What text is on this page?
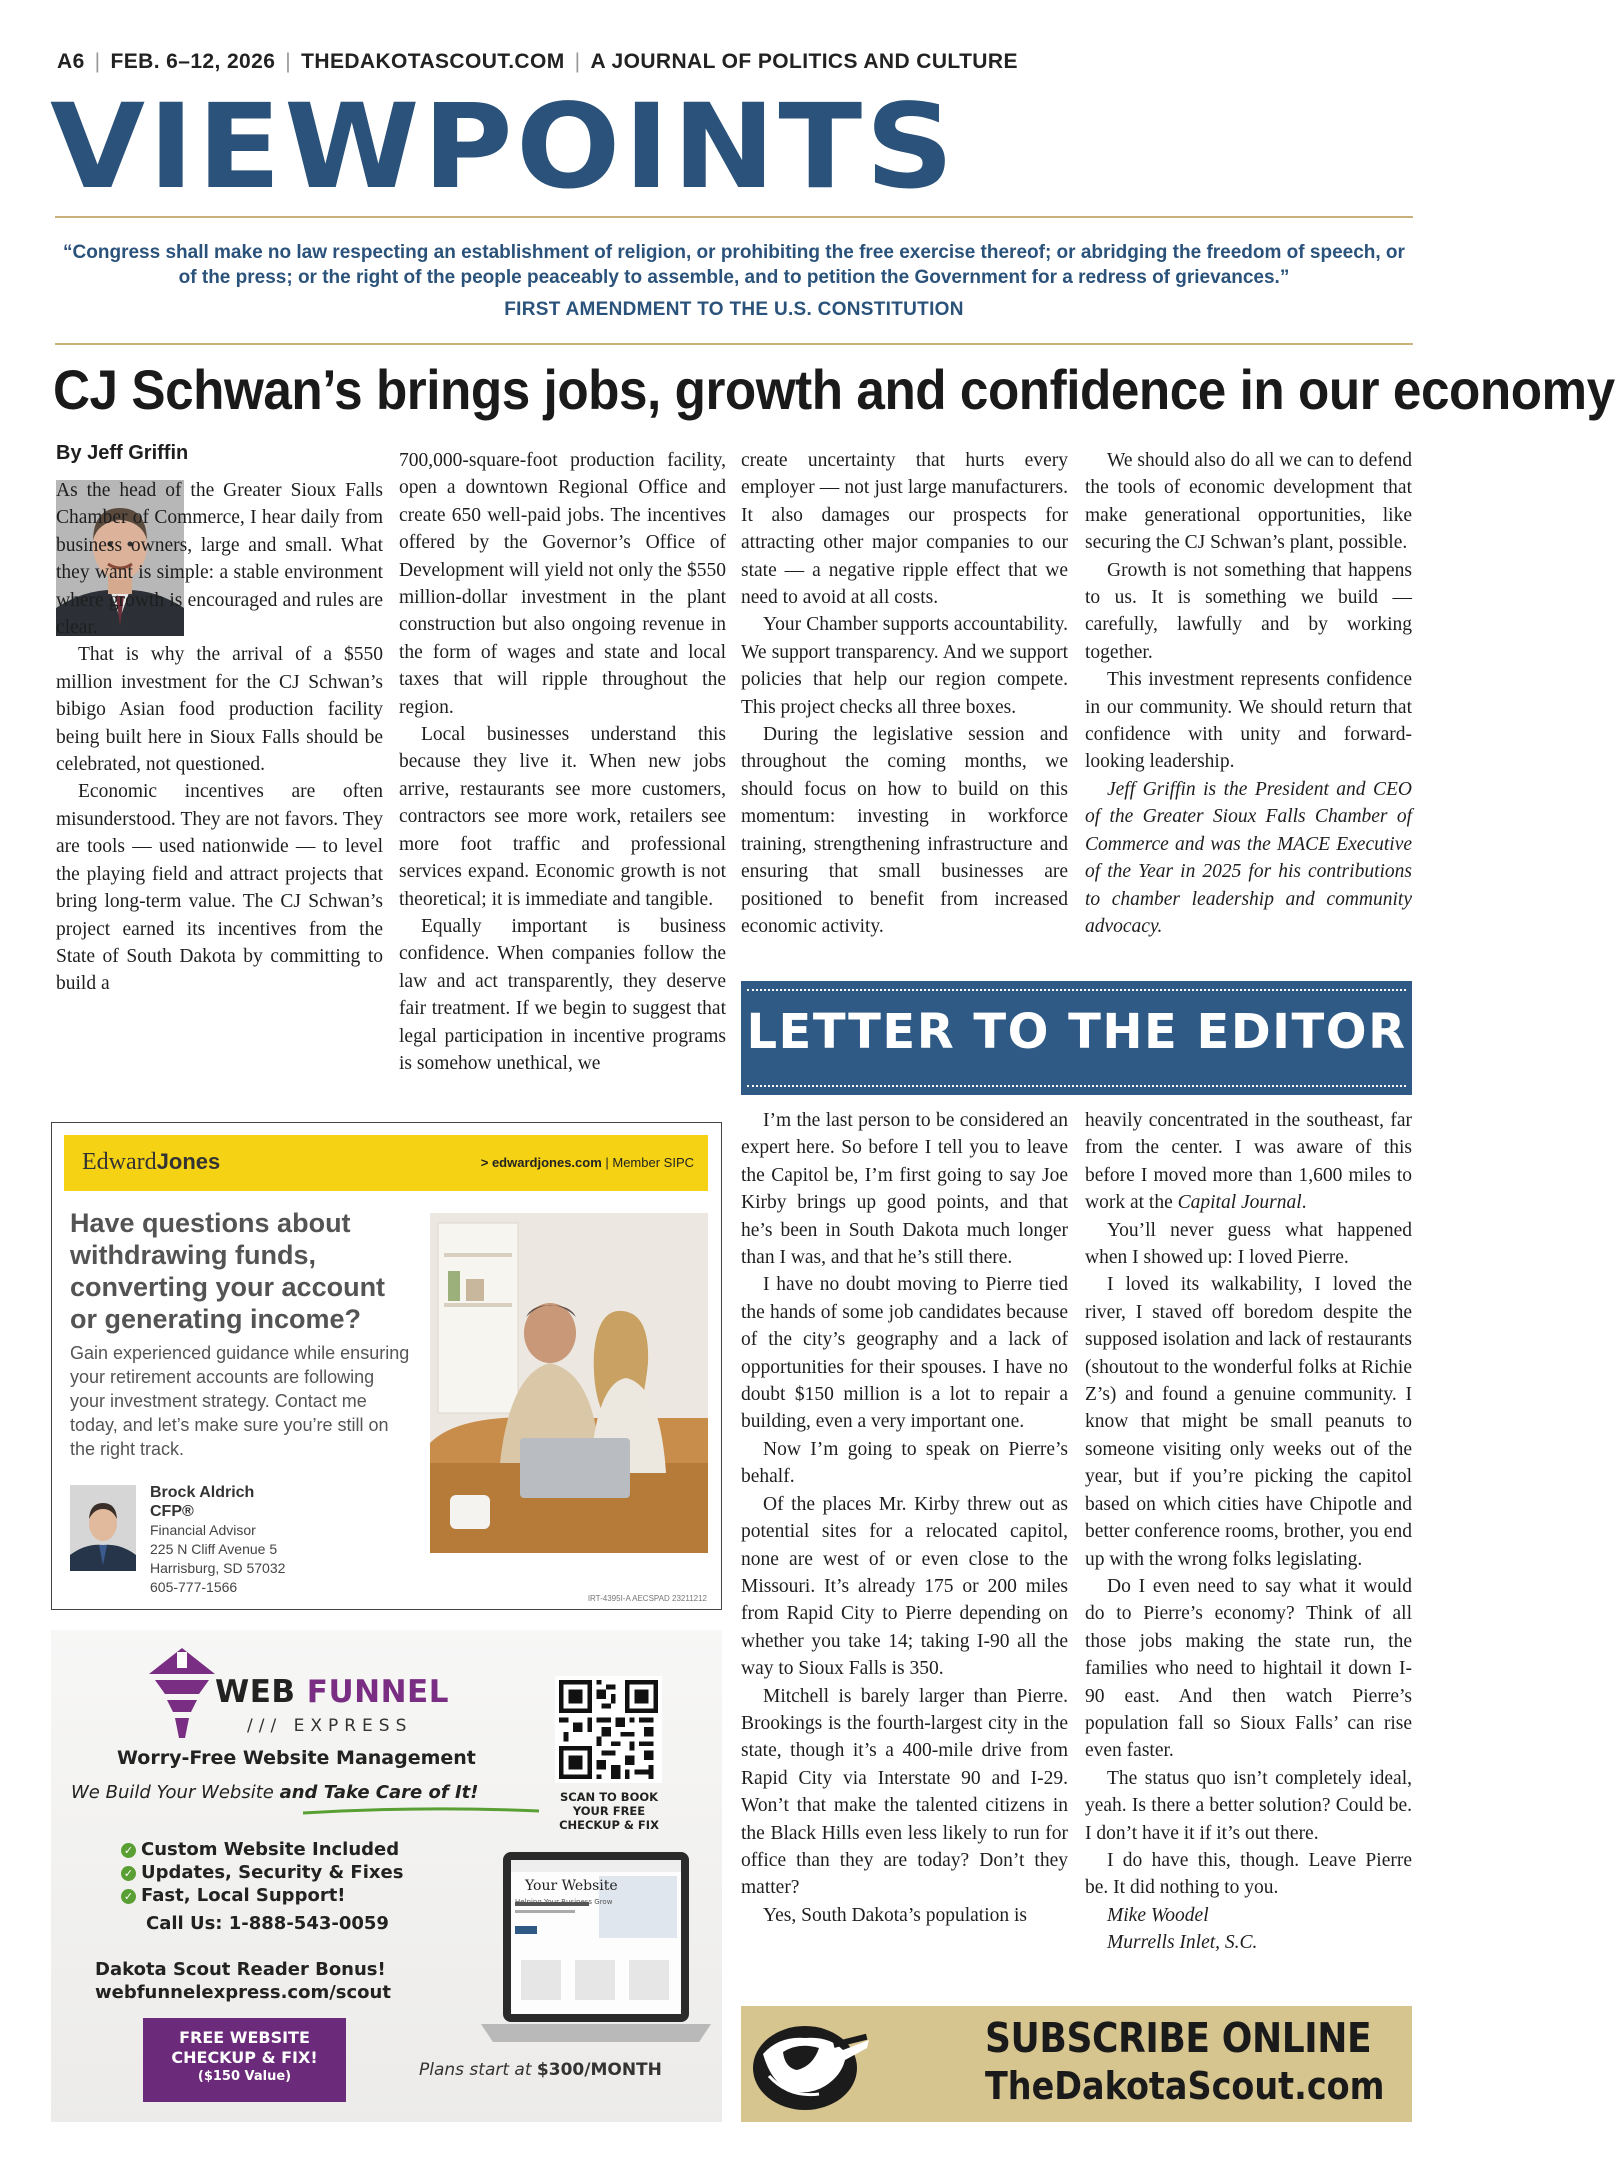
A6 | FEB. 6–12, 2026 | THEDAKOTASCOUT.COM | A JOURNAL OF POLITICS AND CULTURE
VIEWPOINTS
“Congress shall make no law respecting an establishment of religion, or prohibiting the free exercise thereof; or abridging the freedom of speech, or of the press; or the right of the people peaceably to assemble, and to petition the Government for a redress of grievances.”
FIRST AMENDMENT TO THE U.S. CONSTITUTION
CJ Schwan’s brings jobs, growth and confidence in our economy
By Jeff Griffin

As the head of the Greater Sioux Falls Chamber of Commerce, I hear daily from business owners, large and small. What they want is simple: a stable environment where growth is encouraged and rules are clear.

That is why the arrival of a $550 million investment for the CJ Schwan’s bibigo Asian food production facility being built here in Sioux Falls should be celebrated, not questioned.

Economic incentives are often misunderstood. They are not favors. They are tools — used nationwide — to level the playing field and attract projects that bring long-term value. The CJ Schwan’s project earned its incentives from the State of South Dakota by committing to build a

700,000-square-foot production facility, open a downtown Regional Office and create 650 well-paid jobs. The incentives offered by the Governor’s Office of Development will yield not only the $550 million-dollar investment in the plant construction but also ongoing revenue in the form of wages and state and local taxes that will ripple throughout the region.

Local businesses understand this because they live it. When new jobs arrive, restaurants see more customers, contractors see more work, retailers see more foot traffic and professional services expand. Economic growth is not theoretical; it is immediate and tangible.

Equally important is business confidence. When companies follow the law and act transparently, they deserve fair treatment. If we begin to suggest that legal participation in incentive programs is somehow unethical, we

create uncertainty that hurts every employer — not just large manufacturers. It also damages our prospects for attracting other major companies to our state — a negative ripple effect that we need to avoid at all costs.

Your Chamber supports accountability. We support transparency. And we support policies that help our region compete. This project checks all three boxes.

During the legislative session and throughout the coming months, we should focus on how to build on this momentum: investing in workforce training, strengthening infrastructure and ensuring that small businesses are positioned to benefit from increased economic activity.

We should also do all we can to defend the tools of economic development that make generational opportunities, like securing the CJ Schwan’s plant, possible.

Growth is not something that happens to us. It is something we build — carefully, lawfully and by working together.

This investment represents confidence in our community. We should return that confidence with unity and forward-looking leadership.

Jeff Griffin is the President and CEO of the Greater Sioux Falls Chamber of Commerce and was the MACE Executive of the Year in 2025 for his contributions to chamber leadership and community advocacy.

LETTER TO THE EDITOR

I’m the last person to be considered an expert here. So before I tell you to leave the Capitol be, I’m first going to say Joe Kirby brings up good points, and that he’s been in South Dakota much longer than I was, and that he’s still there.

I have no doubt moving to Pierre tied the hands of some job candidates because of the city’s geography and a lack of opportunities for their spouses. I have no doubt $150 million is a lot to repair a building, even a very important one.

Now I’m going to speak on Pierre’s behalf.

Of the places Mr. Kirby threw out as potential sites for a relocated capitol, none are west of or even close to the Missouri. It’s already 175 or 200 miles from Rapid City to Pierre depending on whether you take 14; taking I-90 all the way to Sioux Falls is 350.

Mitchell is barely larger than Pierre. Brookings is the fourth-largest city in the state, though it’s a 400-mile drive from Rapid City via Interstate 90 and I-29. Won’t that make the talented citizens in the Black Hills even less likely to run for office than they are today? Don’t they matter?

Yes, South Dakota’s population is

heavily concentrated in the southeast, far from the center. I was aware of this before I moved more than 1,600 miles to work at the Capital Journal.

You’ll never guess what happened when I showed up: I loved Pierre.

I loved its walkability, I loved the river, I staved off boredom despite the supposed isolation and lack of restaurants (shoutout to the wonderful folks at Richie Z’s) and found a genuine community. I know that might be small peanuts to someone visiting only weeks out of the year, but if you’re picking the capitol based on which cities have Chipotle and better conference rooms, brother, you end up with the wrong folks legislating.

Do I even need to say what it would do to Pierre’s economy? Think of all those jobs making the state run, the families who need to hightail it down I-90 east. And then watch Pierre’s population fall so Sioux Falls’ can rise even faster.

The status quo isn’t completely ideal, yeah. Is there a better solution? Could be. I don’t have it if it’s out there.

I do have this, though. Leave Pierre be. It did nothing to you.

Mike Woodel

Murrells Inlet, S.C.

EdwardJones	> edwardjones.com | Member SIPC
Have questions about withdrawing funds, converting your account or generating income?
Gain experienced guidance while ensuring your retirement accounts are following your investment strategy. Contact me today, and let’s make sure you’re still on the right track.
Brock Aldrich
CFP®
Financial Advisor
225 N Cliff Avenue 5
Harrisburg, SD 57032
605-777-1566
IRT-4395I-A AECSPAD 23211212
WEB FUNNEL
/// EXPRESS
Worry-Free Website Management
We Build Your Website and Take Care of It!
✓ Custom Website Included
✓ Updates, Security & Fixes
✓ Fast, Local Support!
Call Us: 1-888-543-0059
Dakota Scout Reader Bonus!
webfunnelexpress.com/scout
FREE WEBSITE
CHECKUP & FIX!
($150 Value)
SCAN TO BOOK YOUR FREE CHECKUP & FIX
Your Website
Helping Your Business Grow
Plans start at $300/MONTH
SUBSCRIBE ONLINE
TheDakotaScout.com
